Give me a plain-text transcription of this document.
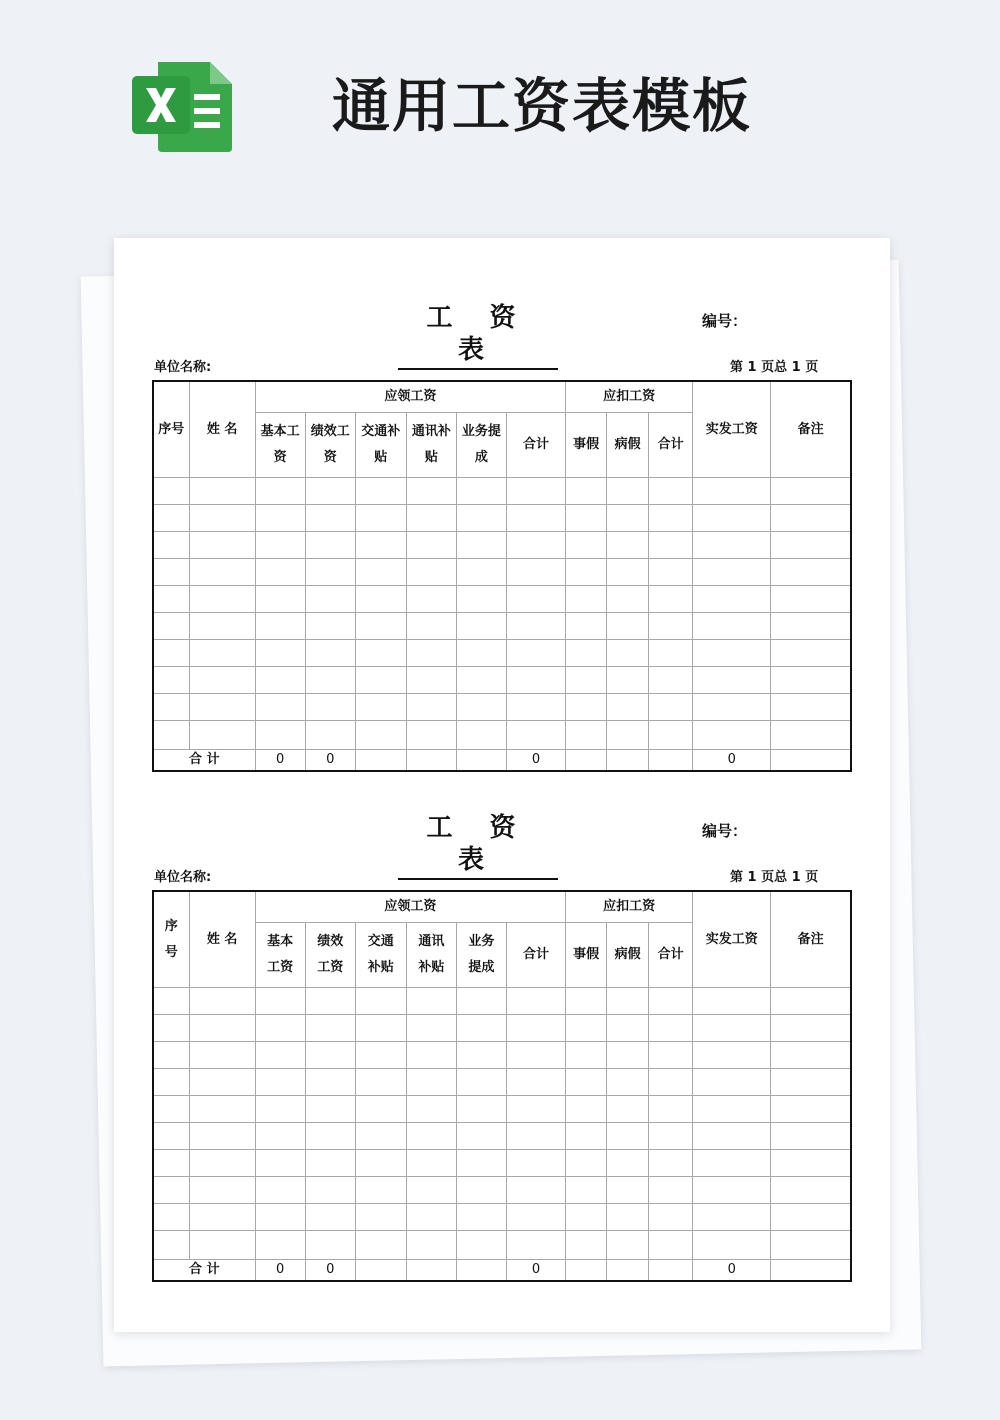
通用工资表模板
工 资 表
编号：
单位名称:	第 1 页总 1 页
序号	姓 名	应领工资						应扣工资			实发工资	备注
		基本工资	绩效工资	交通补贴	通讯补贴	业务提成	合计	事假	病假	合计		

合 计		0	0				0				0	
工 资 表
编号：
单位名称:	第 1 页总 1 页
序号	姓 名	应领工资						应扣工资			实发工资	备注
		基本工资	绩效工资	交通补贴	通讯补贴	业务提成	合计	事假	病假	合计		

合 计		0	0				0				0	
